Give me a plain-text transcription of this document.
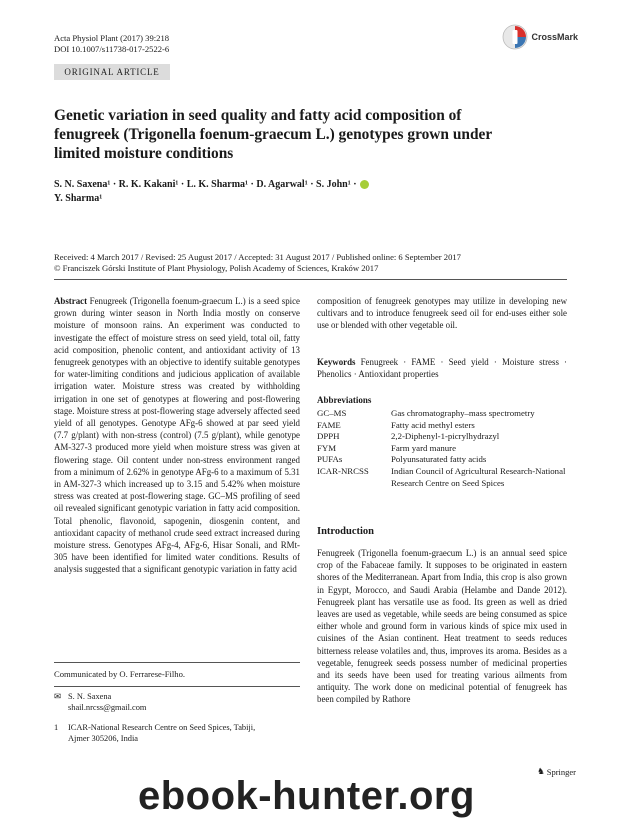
Acta Physiol Plant (2017) 39:218
DOI 10.1007/s11738-017-2522-6
CrossMark
ORIGINAL ARTICLE
Genetic variation in seed quality and fatty acid composition of fenugreek (Trigonella foenum-graecum L.) genotypes grown under limited moisture conditions
S. N. Saxena¹ · R. K. Kakani¹ · L. K. Sharma¹ · D. Agarwal¹ · S. John¹ ·
Y. Sharma¹
Received: 4 March 2017 / Revised: 25 August 2017 / Accepted: 31 August 2017 / Published online: 6 September 2017
© Franciszek Górski Institute of Plant Physiology, Polish Academy of Sciences, Kraków 2017
Abstract Fenugreek (Trigonella foenum-graecum L.) is a seed spice grown during winter season in North India mostly on conserve moisture of monsoon rains. An experiment was conducted to investigate the effect of moisture stress on seed yield, total oil, fatty acid composition, phenolic content, and antioxidant activity of 13 fenugreek genotypes with an objective to identify suitable genotypes for water-limiting conditions and judicious application of available irrigation water. Moisture stress was created by withholding irrigation in one set of genotypes at flowering and post-flowering stage. Moisture stress at post-flowering stage adversely affected seed yield of all genotypes. Genotype AFg-6 showed at par seed yield (7.7 g/plant) with non-stress (control) (7.5 g/plant), while genotype AM-327-3 produced more yield when moisture stress was given at flowering stage. Oil content under non-stress environment ranged from a minimum of 2.62% in genotype AFg-6 to a maximum of 5.31 in AM-327-3 which increased up to 3.15 and 5.42% when moisture stress was created at post-flowering stage. GC–MS profiling of seed oil revealed significant genotypic variation in fatty acid composition. Total phenolic, flavonoid, sapogenin, diosgenin content, and antioxidant capacity of methanol crude seed extract increased during moisture stress. Genotypes AFg-4, AFg-6, Hisar Sonali, and RMt-305 have been identified for limited water conditions. Results of analysis suggested that a significant genotypic variation in fatty acid
composition of fenugreek genotypes may utilize in developing new cultivars and to introduce fenugreek seed oil for end-uses either sole use or blended with other vegetable oil.
Keywords Fenugreek · FAME · Seed yield · Moisture stress · Phenolics · Antioxidant properties
Abbreviations
GC–MS	Gas chromatography–mass spectrometry
FAME	Fatty acid methyl esters
DPPH	2,2-Diphenyl-1-picrylhydrazyl
FYM	Farm yard manure
PUFAs	Polyunsaturated fatty acids
ICAR-NRCSS	Indian Council of Agricultural Research-National Research Centre on Seed Spices
Introduction
Fenugreek (Trigonella foenum-graecum L.) is an annual seed spice crop of the Fabaceae family. It supposes to be originated in eastern shores of the Mediterranean. Apart from India, this crop is also grown in Egypt, Morocco, and Saudi Arabia (Helambe and Dande 2012). Fenugreek plant has versatile use as food. Its green as well as dried leaves are used as vegetable, while seeds are being consumed as spice either whole and ground form in various kinds of spice mix used in cuisines of the Asian continent. Heat treatment to seeds reduces bitterness release volatiles and, thus, improves its aroma. Besides as a vegetable, fenugreek seeds possess number of medicinal properties and its seeds have been used for treating various ailments from antiquity. The work done on medicinal potential of fenugreek has been compiled by Rathore
Communicated by O. Ferrarese-Filho.
✉ S. N. Saxena
shail.nrcss@gmail.com
1 ICAR-National Research Centre on Seed Spices, Tabiji,
Ajmer 305206, India
♞ Springer
ebook-hunter.org
